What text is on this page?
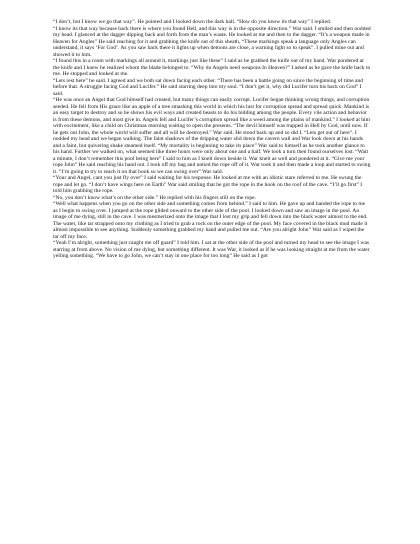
“I don’t, but I know we go that way”. He pointed and I looked down the dark hall. “How do you know its that way” I replied.

“I know its that way because back there is where you found Hell, and this way is in the opposite direction.” War said. I smiled and then nodded my head. I glanced at the dagger dipping back and forth from the man’s waste. He looked at me and then to the dagger. “It’s a weapon made in Heaven for Angles” He said reaching for it and grabbing the knife out of this sheath, “These markings speak a language only Angles can understand, it says ‘For God’. As you saw back there it lights up when demons are close, a warning light so to speak”. I pulled mine out and showed it to him.

“I found this in a room with markings all around it, markings just like these” I said as he grabbed the knife out of my hand. War pondered at the knife and I knew he realized whom the blade belonged to. “Why do Angels need weapons In Heaven?” I asked as he gave the knife back to me. He stopped and looked at me.

“Lets rest here” he said. I agreed and we both sat down facing each other. “There has been a battle going on since the beginning of time and before that. A struggle facing God and Lucifer.” He said starring deep into my soul. “I don’t get it, why did Lucifer turn his back on God” I said.

“He was once an Angel that God himself had created, but many things can easily corrupt. Lucifer began thinking wrong things, and corruption seeded. He fell from His grace like an apple of a tree smashing this world in which his lust for corruption spread and spread quick. Mankind is an easy target to destroy and so he shows his evil ways and created beasts to do his bidding among the people. Every vile action and behavior is from these demons, and most give in. Angels fell and Lucifer’s corruption spread like a weed among the plains of mankind.” I looked at him with excitement, like a child on Christmas morning waiting to open the presents. “The devil himself was trapped in Hell by God, until now. If he gets out John, the whole world will suffer and all will be destroyed.” War said. He stood back up and so did I. “Lets get out of here”. I nodded my head and we began walking. The faint shadows of the dripping water slid down the cavern wall and War look down at his hands and a faint, but quivering shake steamed itself. “My mortality is beginning to take its place” War said to himself as he took another glance to his hand. Further we walked on, what seemed like three hours were only about one and a half. We took a turn then found ourselves lost. “Wait a minute, I don’t remember this pool being here” I said to him as I knelt down beside it. War knelt as well and pondered at it. “Give me your rope John” He said reaching his hand out. I took off my bag and untied the rope off of it. War took it and then made a loop and started to swing it. “I’m going to try to reach it on that hook so we can swing over” War said.

“Your and Angel, cant you just fly over” I said waiting for his response. He looked at me with an idiotic stare referred to me. He swung the rope and let go. “I don’t have wings here on Earth” War said smiling that he got the rope in the hook on the roof of the cave. “I’ll go first” I told him grabbing the rope.

“No, you don’t know what’s on the other side.” He replied with his fingers still on the rope.

“Well what happens when you go on the other side and something comes from behind.” I said to him. He gave up and handed the rope to me as I begin to swing over. I jumped at the rope glided onward to the other side of the pool. I looked down and saw an image in the pool. An image of me dying, still in the cave. I was mesmerized onto the image that I lost my grip and fell down into the black water almost to the end. The water, like tar strapped onto my clothing as I tried to grab a rock on the outer edge of the pool. My face covered in the black mud made it almost impossible to see anything. Suddenly something grabbed my hand and pulled me out. “Are you alright John” War said as I wiped the tar off my face.

“Yeah I’m alright, something just caught me off guard” I told him. I sat at the other side of the pool and turned my head to see the image I was starring at from above. No vision of me dying, but something different. It was War, it looked as if he was looking straight at me from the water yelling something. “We have to go John, we can’t stay in one place for too long” He said as I got
